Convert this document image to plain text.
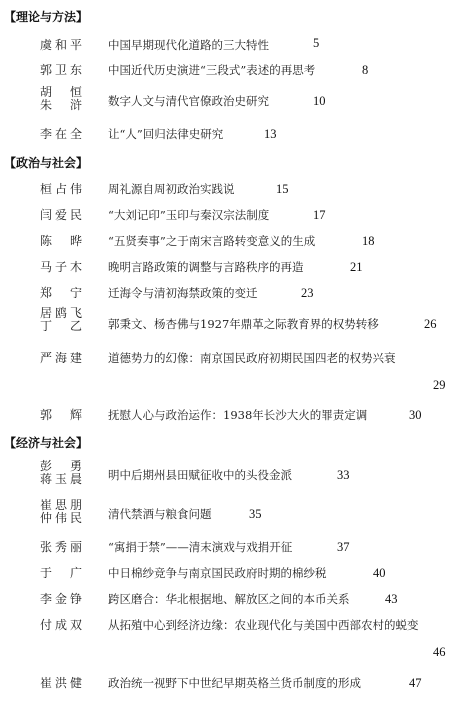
【理论与方法】
虞和平 中国早期现代化道路的三大特性	5
郭卫东 中国近代历史演进“三段式”表述的再思考	8
胡　恒
朱　浒 数字人文与清代官僚政治史研究	10
李在全 让“人”回归法律史研究	13
【政治与社会】
桓占伟 周礼源自周初政治实践说	15
闫爱民 “大刘记印”玉印与秦汉宗法制度	17
陈　晔 “五贤奏事”之于南宋言路转变意义的生成	18
马子木 晚明言路政策的调整与言路秩序的再造	21
郑　宁 迁海令与清初海禁政策的变迁	23
居鸥飞
丁　乙 郭秉文、杨杏佛与1927年鼎革之际教育界的权势转移	26
严海建 道德势力的幻像：南京国民政府初期民国四老的权势兴衰
29
郭　辉 抚慰人心与政治运作：1938年长沙大火的罪责定调	30
【经济与社会】
彭　勇
蒋玉晨 明中后期州县田赋征收中的头役金派	33
崔思朋
仲伟民 清代禁酒与粮食问题	35
张秀丽 “寓捐于禁”——清末演戏与戏捐开征	37
于　广 中日棉纱竞争与南京国民政府时期的棉纱税	40
李金铮 跨区磨合：华北根据地、解放区之间的本币关系	43
付成双 从拓殖中心到经济边缘：农业现代化与美国中西部农村的蜕变
46
崔洪健 政治统一视野下中世纪早期英格兰货币制度的形成	47
